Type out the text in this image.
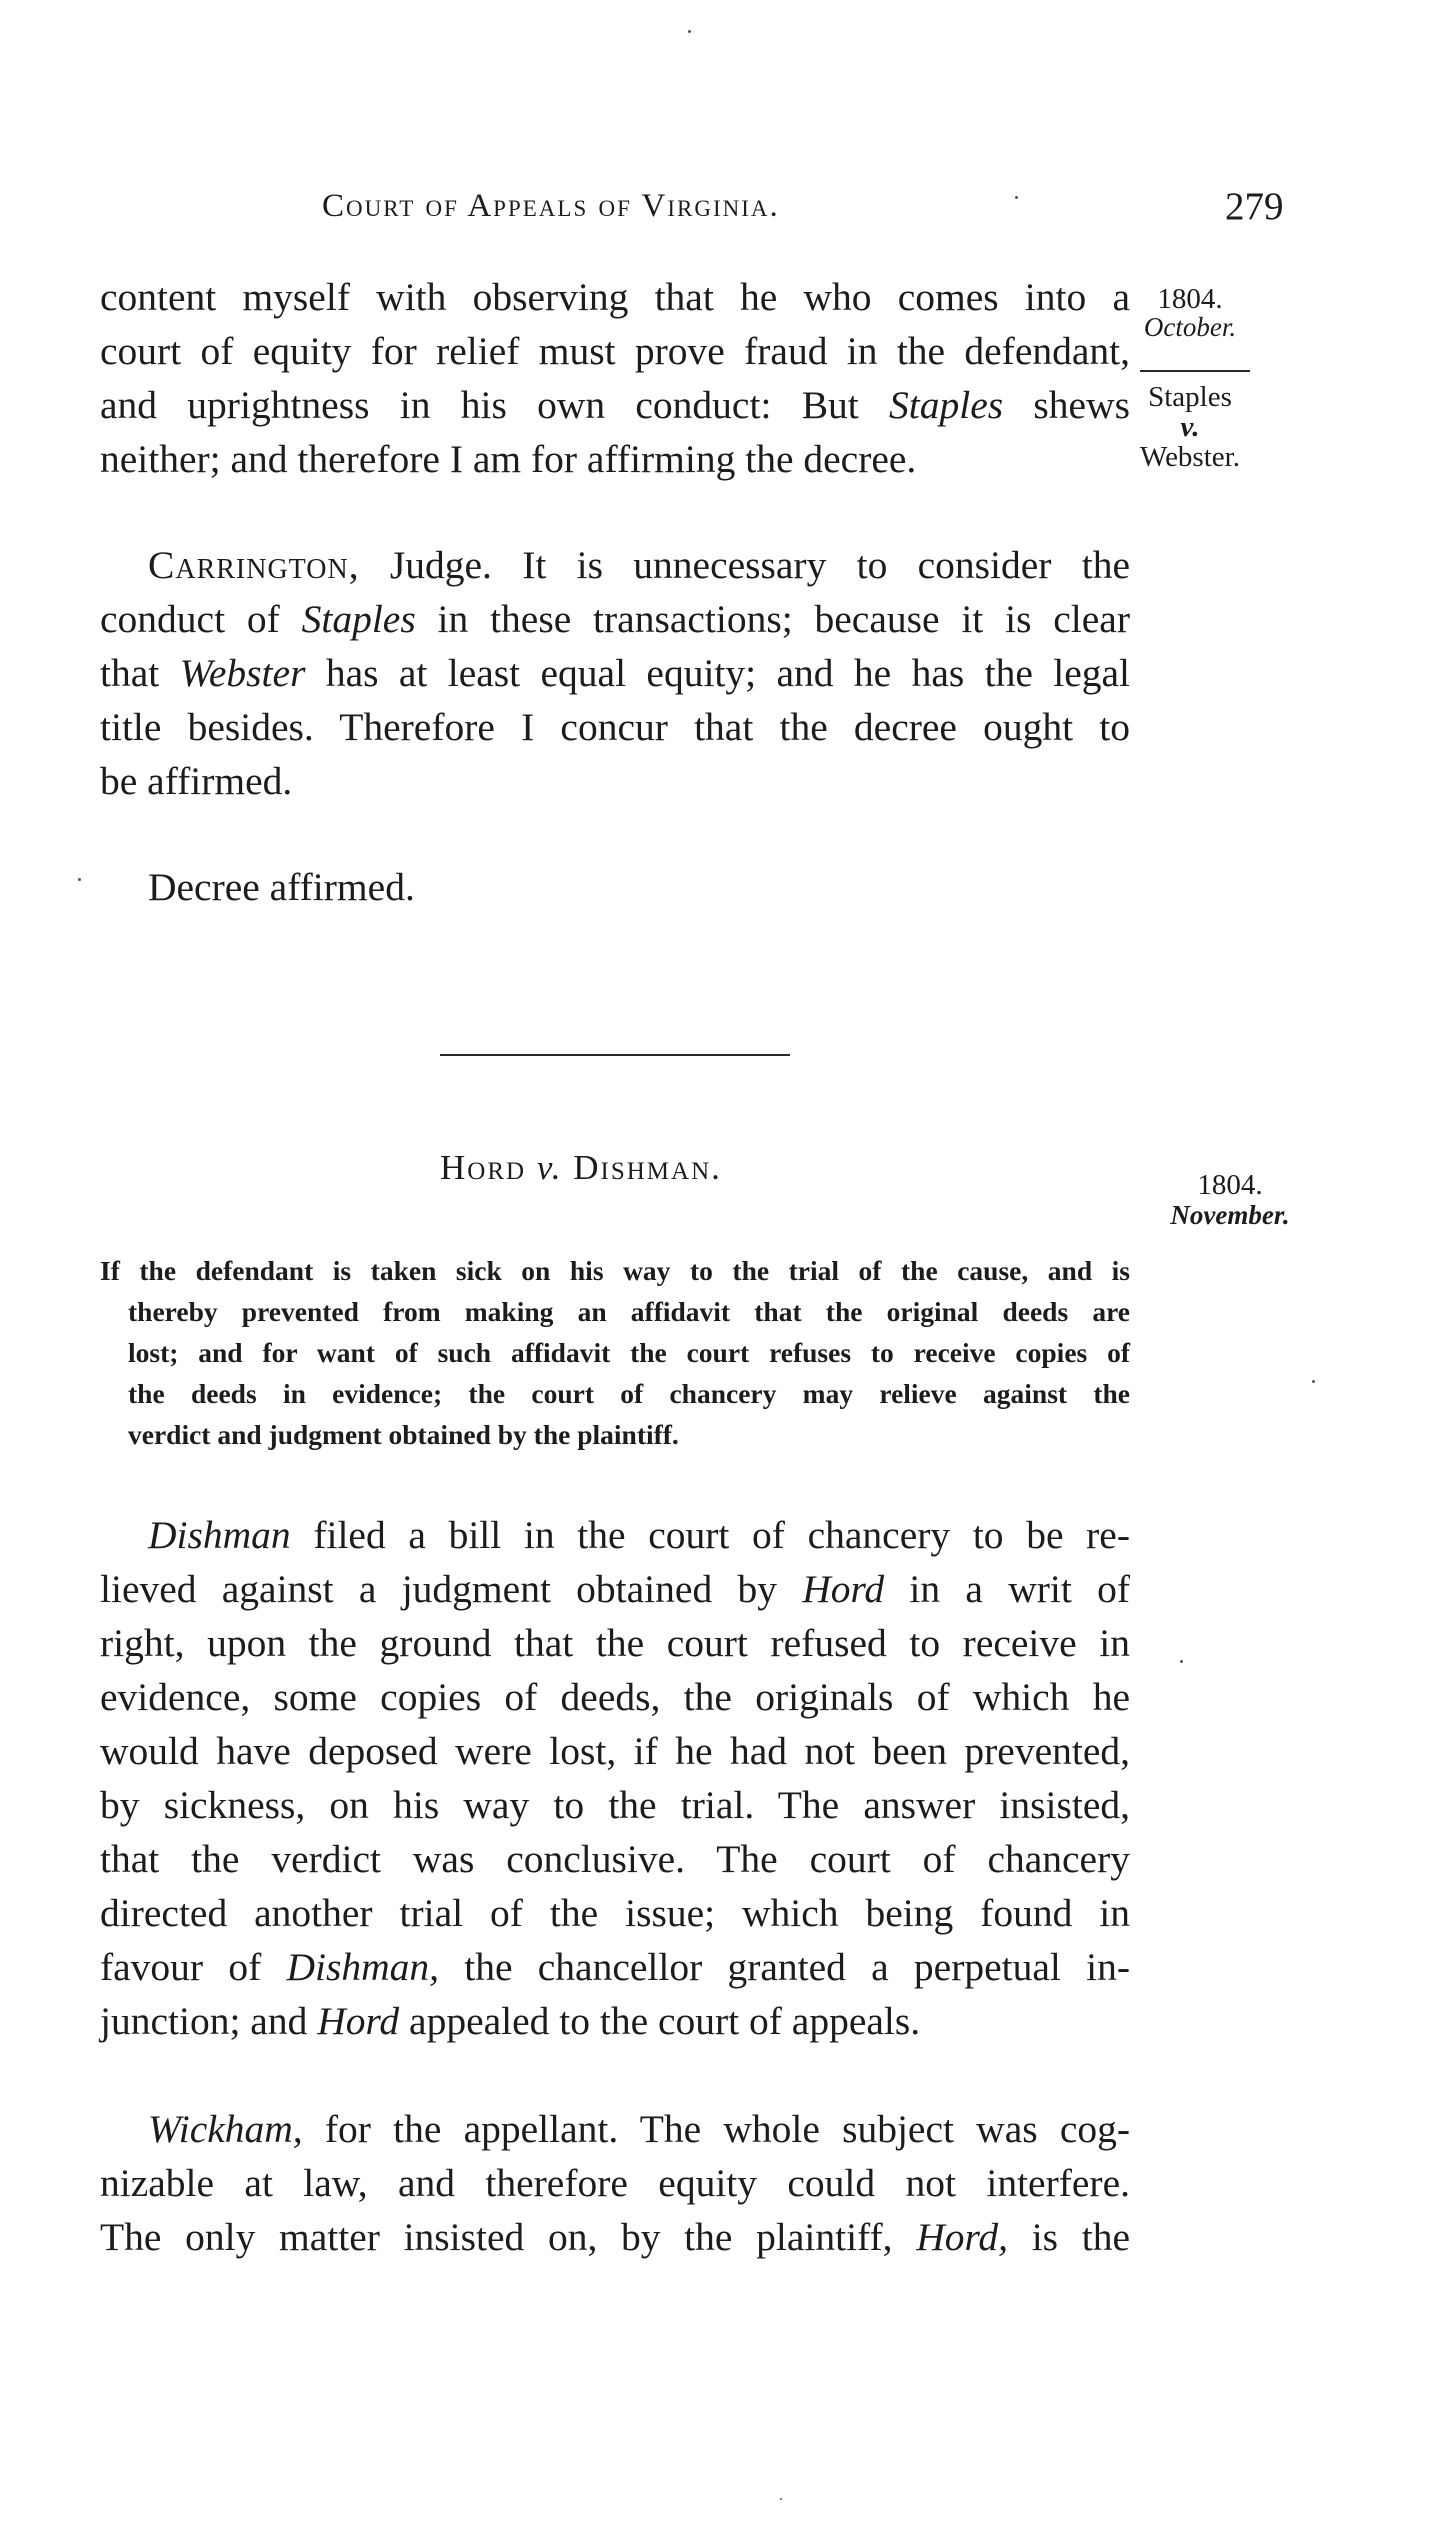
Court of Appeals of Virginia.	279
1804.
October.
Staples
v.
Webster.
content myself with observing that he who comes into a
court of equity for relief must prove fraud in the defendant,
and uprightness in his own conduct: But Staples shews
neither; and therefore I am for affirming the decree.
Carrington, Judge. It is unnecessary to consider the
conduct of Staples in these transactions; because it is clear
that Webster has at least equal equity; and he has the legal
title besides. Therefore I concur that the decree ought to
be affirmed.
Decree affirmed.
Hord v. Dishman.	1804.
November.
If the defendant is taken sick on his way to the trial of the cause, and is
thereby prevented from making an affidavit that the original deeds are
lost; and for want of such affidavit the court refuses to receive copies of
the deeds in evidence; the court of chancery may relieve against the
verdict and judgment obtained by the plaintiff.
Dishman filed a bill in the court of chancery to be re-
lieved against a judgment obtained by Hord in a writ of
right, upon the ground that the court refused to receive in
evidence, some copies of deeds, the originals of which he
would have deposed were lost, if he had not been prevented,
by sickness, on his way to the trial. The answer insisted,
that the verdict was conclusive. The court of chancery
directed another trial of the issue; which being found in
favour of Dishman, the chancellor granted a perpetual in-
junction; and Hord appealed to the court of appeals.
Wickham, for the appellant. The whole subject was cog-
nizable at law, and therefore equity could not interfere.
The only matter insisted on, by the plaintiff, Hord, is the
